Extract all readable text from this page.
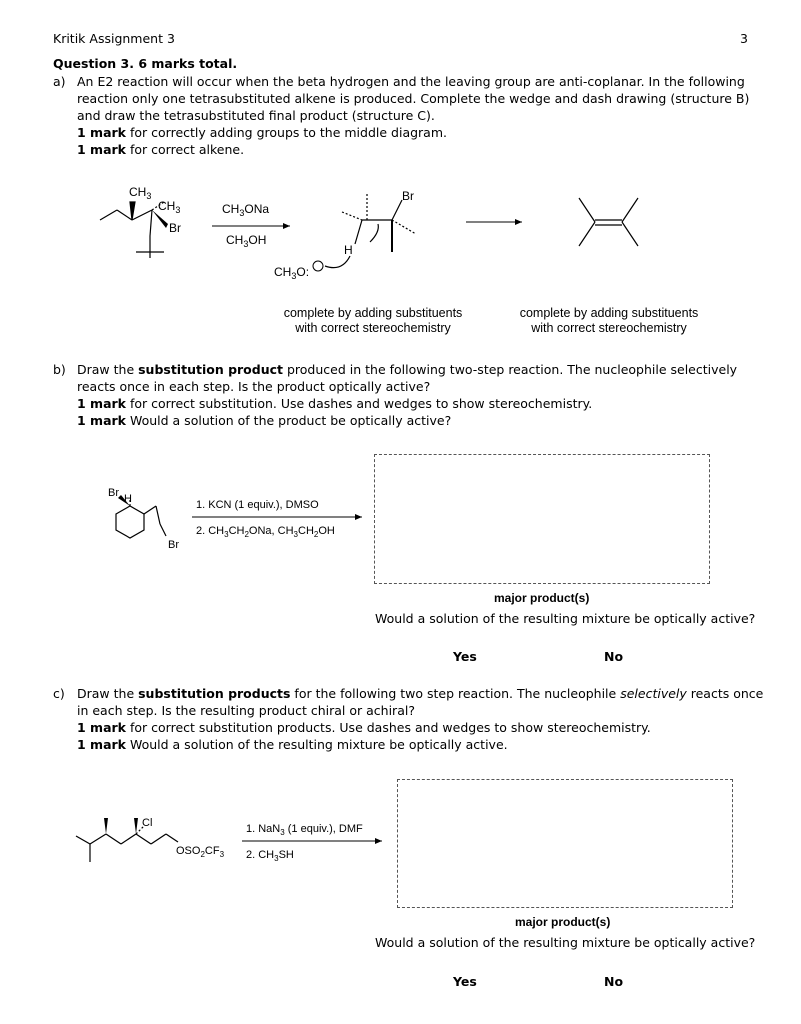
Kritik Assignment 3	3
Question 3. 6 marks total.
a) An E2 reaction will occur when the beta hydrogen and the leaving group are anti-coplanar. In the following
reaction only one tetrasubstituted alkene is produced. Complete the wedge and dash drawing (structure B)
and draw the tetrasubstituted final product (structure C).
1 mark for correctly adding groups to the middle diagram.
1 mark for correct alkene.
$CH_3$
$CH_3$
Br
$CH_3ONa$
$CH_3OH$
Br
H
$CH_3O$:
complete by adding substituents
with correct stereochemistry
complete by adding substituents
with correct stereochemistry
b) Draw the substitution product produced in the following two-step reaction. The nucleophile selectively
reacts once in each step. Is the product optically active?
1 mark for correct substitution. Use dashes and wedges to show stereochemistry.
1 mark Would a solution of the product be optically active?
Br H
Br
1. KCN (1 equiv.), DMSO
2. $CH_3CH_2ONa$, $CH_3CH_2OH$
major product(s)
Would a solution of the resulting mixture be optically active?
Yes	No
c) Draw the substitution products for the following two step reaction. The nucleophile selectively reacts once
in each step. Is the resulting product chiral or achiral?
1 mark for correct substitution products. Use dashes and wedges to show stereochemistry.
1 mark Would a solution of the resulting mixture be optically active.
Cl
$OSO_2CF_3$
1. NaN$_3$ (1 equiv.), DMF
2. $CH_3SH$
major product(s)
Would a solution of the resulting mixture be optically active?
Yes	No
